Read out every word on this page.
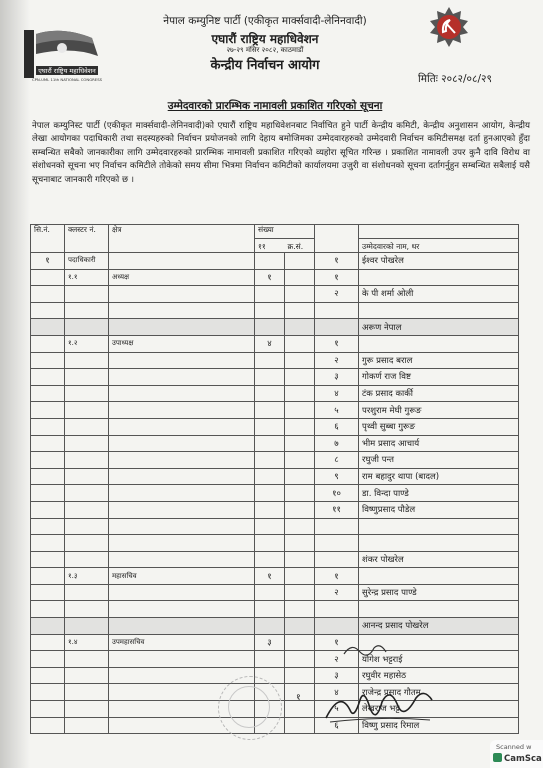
एघारौं राष्ट्रिय महाधिवेशन
CPN-UML 11th NATIONAL CONGRESS
नेपाल कम्युनिष्ट पार्टी (एकीकृत मार्क्सवादी-लेनिनवादी)
एघारौं राष्ट्रिय महाधिवेशन
२७-२९ मंसिर २०८२, काठमाडौं
केन्द्रीय निर्वाचन आयोग
मितिः २०८२/०८/२९
उम्मेदवारको प्रारम्भिक नामावली प्रकाशित गरिएको सूचना
नेपाल कम्युनिस्ट पार्टी (एकीकृत मार्क्सवादी-लेनिनवादी)को एघारौं राष्ट्रिय महाधिवेशनबाट निर्वाचित हुने पार्टी केन्द्रीय कमिटी, केन्द्रीय अनुशासन आयोग, केन्द्रीय लेखा आयोगका पदाधिकारी तथा सदस्यहरुको निर्वाचन प्रयोजनको लागि देहाय बमोजिमका उम्मेदवारहरुको उम्मेदवारी निर्वाचन कमिटीसमक्ष दर्ता हुनआएको हुँदा सम्बन्धित सबैको जानकारीका लागि उम्मेदवारहरुको प्रारम्भिक नामावली प्रकाशित गरिएको व्यहोरा सूचित गरिन्छ । प्रकाशित नामावली उपर कुनै दावि विरोध वा संशोधनको सूचना भए निर्वाचन कमिटीले तोकेको समय सीमा भित्रमा निर्वाचन कमिटीको कार्यालयमा उजुरी वा संशोधनको सूचना दर्तागर्नुहुन सम्बन्धित सबैलाई यसै सूचनाबाट जानकारी गरिएको छ ।
सि.नं.	क्लस्टर नं.	क्षेत्र	संख्या			
			११	क्र.सं.		उम्मेदवारको नाम, थर
१	पदाधिकारी				१	ईश्वर पोखरेल
	१.१	अध्यक्ष	१		१	
					२	के पी शर्मा ओली

						अरूण नेपाल
	१.२	उपाध्यक्ष	४		१	
					२	गुरू प्रसाद बराल
					३	गोकर्ण राज विष्ट
					४	टंक प्रसाद कार्की
					५	परशुराम मेघी गुरूङ
					६	पृथ्वी सुब्बा गुरूङ
					७	भीम प्रसाद आचार्य
					८	रघुजी पन्त
					९	राम बहादुर थापा (बादल)
					१०	डा. विन्दा पाण्डे
					११	विष्णुप्रसाद पौडेल

						शंकर पोखरेल
	१.३	महासचिव	१		१	
					२	सुरेन्द्र प्रसाद पाण्डे

						आनन्द प्रसाद पोखरेल
	१.४	उपमहासचिव	३		१	
					२	योगेश भट्टराई
					३	रघुवीर महासेठ
					४	राजेन्द्र प्रसाद गौतम
					५	लेखराज भट्ट
					६	विष्णु प्रसाद रिमाल
१
Scanned w
CamSca
